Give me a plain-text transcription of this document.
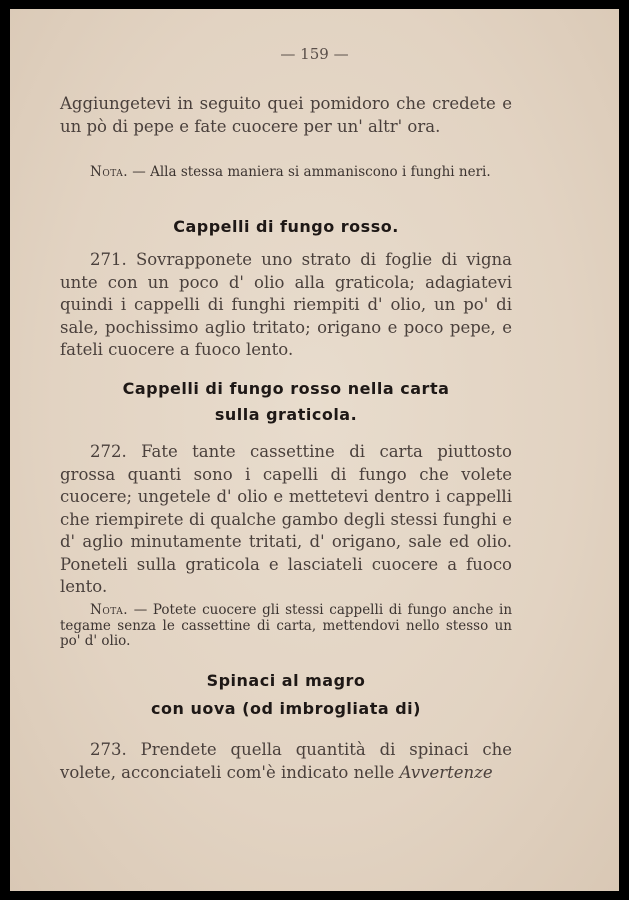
— 159 —

Aggiungetevi in seguito quei pomidoro che credete e un pò di pepe e fate cuocere per un' altr' ora.

Nota. — Alla stessa maniera si ammaniscono i funghi neri.

Cappelli di fungo rosso.

271. Sovrapponete uno strato di foglie di vigna unte con un poco d' olio alla graticola; adagiatevi quindi i cappelli di funghi riempiti d' olio, un po' di sale, pochissimo aglio tritato; origano e poco pepe, e fateli cuocere a fuoco lento.

Cappelli di fungo rosso nella carta
sulla graticola.

272. Fate tante cassettine di carta piuttosto grossa quanti sono i capelli di fungo che volete cuocere; ungetele d' olio e mettetevi dentro i cappelli che riempirete di qualche gambo degli stessi funghi e d' aglio minutamente tritati, d' origano, sale ed olio. Poneteli sulla graticola e lasciateli cuocere a fuoco lento.

Nota. — Potete cuocere gli stessi cappelli di fungo anche in tegame senza le cassettine di carta, mettendovi nello stesso un po' d' olio.

Spinaci al magro
con uova (od imbrogliata di)

273. Prendete quella quantità di spinaci che volete, acconciateli com'è indicato nelle Avvertenze
